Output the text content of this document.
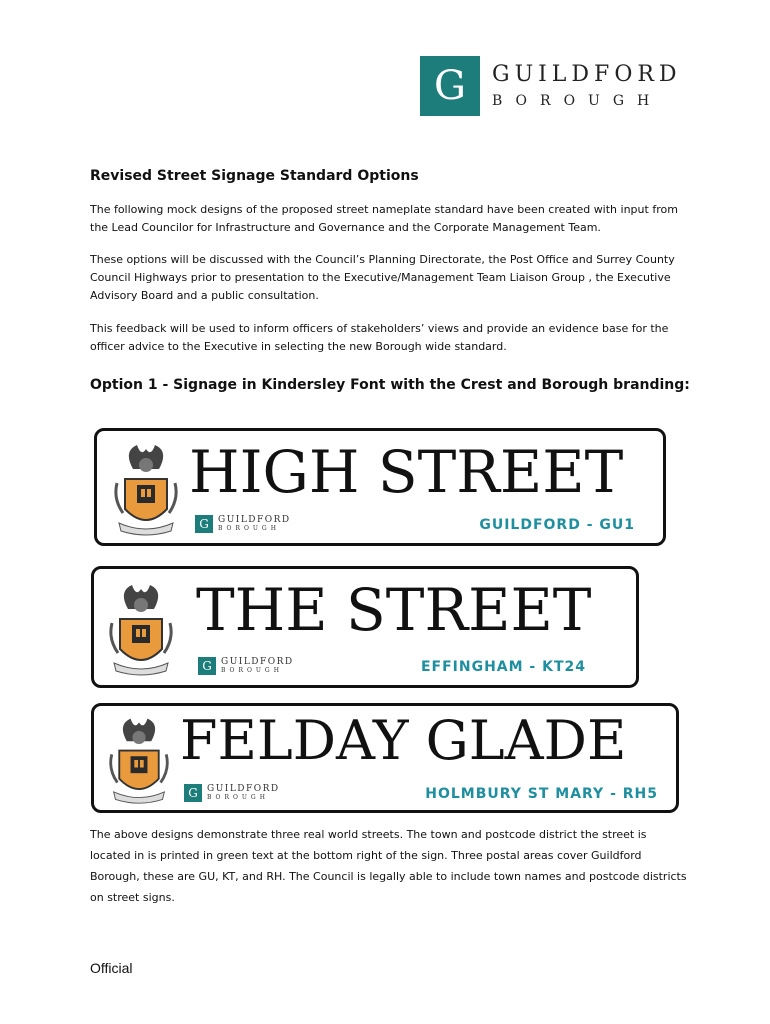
G	GUILDFORD
BOROUGH
Revised Street Signage Standard Options
The following mock designs of the proposed street nameplate standard have been created with input from the Lead Councilor for Infrastructure and Governance and the Corporate Management Team.
These options will be discussed with the Council’s Planning Directorate, the Post Office and Surrey County Council Highways prior to presentation to the Executive/Management Team Liaison Group , the Executive Advisory Board and a public consultation.
This feedback will be used to inform officers of stakeholders’ views and provide an evidence base for the officer advice to the Executive in selecting the new Borough wide standard.
Option 1 - Signage in Kindersley Font with the Crest and Borough branding:
HIGH STREET
G	GUILDFORD
BOROUGH	GUILDFORD - GU1
THE STREET
G	GUILDFORD
BOROUGH	EFFINGHAM - KT24
FELDAY GLADE
G	GUILDFORD
BOROUGH	HOLMBURY ST MARY - RH5
The above designs demonstrate three real world streets. The town and postcode district the street is located in is printed in green text at the bottom right of the sign. Three postal areas cover Guildford Borough, these are GU, KT, and RH. The Council is legally able to include town names and postcode districts on street signs.
Official
